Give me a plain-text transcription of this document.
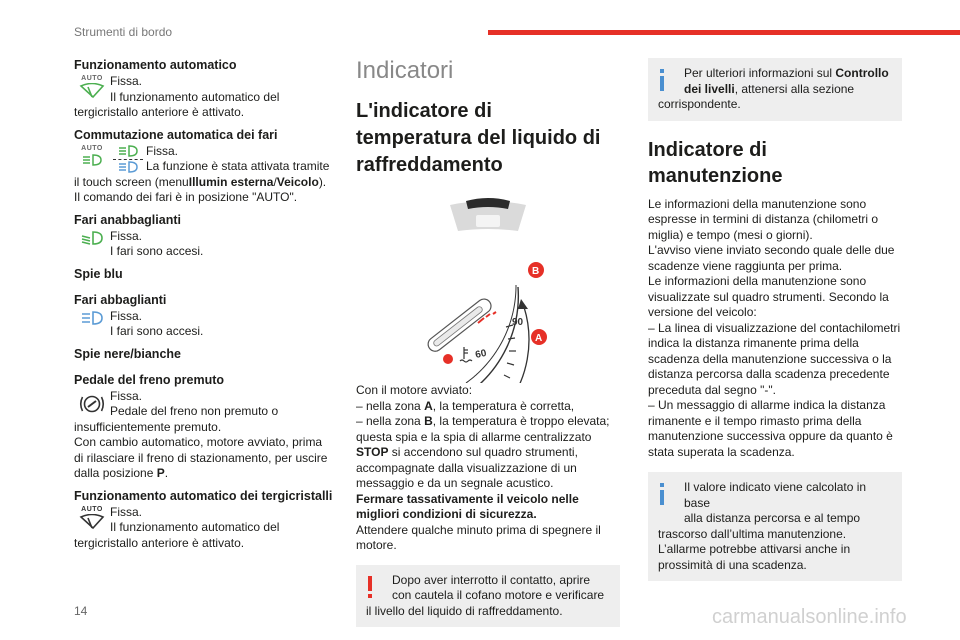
Strumenti di bordo
Funzionamento automatico
AUTO Fissa.
Il funzionamento automatico del
tergicristallo anteriore è attivato.
Commutazione automatica dei fari
AUTO	Fissa.
La funzione è stata attivata tramite
il touch screen (menuIllumin esterna/Veicolo).
Il comando dei fari è in posizione "AUTO".
Fari anabbaglianti
Fissa.
I fari sono accesi.
Spie blu
Fari abbaglianti
Fissa.
I fari sono accesi.
Spie nere/bianche
Pedale del freno premuto
Fissa.
Pedale del freno non premuto o
insufficientemente premuto.
Con cambio automatico, motore avviato, prima
di rilasciare il freno di stazionamento, per uscire
dalla posizione P.
Funzionamento automatico dei tergicristalli
AUTO Fissa.
Il funzionamento automatico del
tergicristallo anteriore è attivato.
Indicatori
L'indicatore di temperatura del liquido di raffreddamento
90
60
B
A
Con il motore avviato:
– nella zona A, la temperatura è corretta,
– nella zona B, la temperatura è troppo elevata;
questa spia e la spia di allarme centralizzato
STOP si accendono sul quadro strumenti,
accompagnate dalla visualizzazione di un
messaggio e da un segnale acustico.
Fermare tassativamente il veicolo nelle
migliori condizioni di sicurezza.
Attendere qualche minuto prima di spegnere il
motore.
Dopo aver interrotto il contatto, aprire
con cautela il cofano motore e verificare
il livello del liquido di raffreddamento.
Per ulteriori informazioni sul Controllo
dei livelli, attenersi alla sezione
corrispondente.
Indicatore di manutenzione
Le informazioni della manutenzione sono
espresse in termini di distanza (chilometri o
miglia) e tempo (mesi o giorni).
L'avviso viene inviato secondo quale delle due
scadenze viene raggiunta per prima.
Le informazioni della manutenzione sono
visualizzate sul quadro strumenti. Secondo la
versione del veicolo:
– La linea di visualizzazione del contachilometri
indica la distanza rimanente prima della
scadenza della manutenzione successiva o la
distanza percorsa dalla scadenza precedente
preceduta dal segno "-".
– Un messaggio di allarme indica la distanza
rimanente e il tempo rimasto prima della
manutenzione successiva oppure da quanto è
stata superata la scadenza.
Il valore indicato viene calcolato in base
alla distanza percorsa e al tempo
trascorso dall’ultima manutenzione.
L’allarme potrebbe attivarsi anche in
prossimità di una scadenza.
14	carmanualsonline.info
